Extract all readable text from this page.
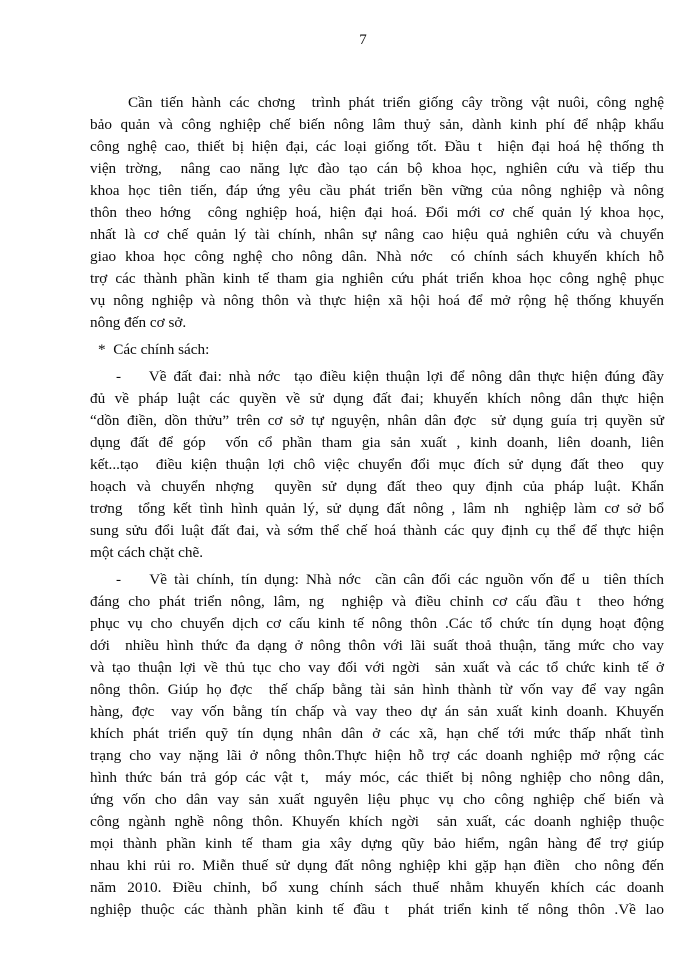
7
Cần tiến hành các chơng  trình phát triển giống cây trồng vật nuôi, công nghệ
bảo quản và công nghiệp chế biến nông lâm thuỷ sản, dành kinh phí để nhập khẩu
công nghệ cao, thiết bị hiện đại, các loại giống tốt. Đầu t  hiện đại hoá hệ thống th
viện trờng,  nâng cao năng lực đào tạo cán bộ khoa học, nghiên cứu và tiếp thu
khoa học tiên tiến, đáp ứng yêu cầu phát triển bền vững của nông nghiệp và nông
thôn theo hớng  công nghiệp hoá, hiện đại hoá. Đổi mới cơ chế quản lý khoa học,
nhất là cơ chế quản lý tài chính, nhân sự nâng cao hiệu quả nghiên cứu và chuyển
giao khoa học công nghệ cho nông dân. Nhà nớc  có chính sách khuyến khích hỗ
trợ các thành phần kinh tế tham gia nghiên cứu phát triển khoa học công nghệ phục
vụ nông nghiệp và nông thôn và thực hiện xã hội hoá để mở rộng hệ thống khuyến
nông đến cơ sở.
*  Các chính sách:
-    Về đất đai: nhà nớc  tạo điều kiện thuận lợi để nông dân thực hiện đúng đầy
đủ về pháp luật các quyền về sử dụng đất đai; khuyến khích nông dân thực hiện
“dồn điền, dồn thửu” trên cơ sở tự nguyện, nhân dân đợc  sử dụng guía trị quyền sử
dụng đất để góp  vốn cổ phần tham gia sản xuất , kinh doanh, liên doanh, liên
kết...tạo  điều kiện thuận lợi chô việc chuyển đổi mục đích sử dụng đất theo  quy
hoạch và chuyển nhợng  quyền sử dụng đất theo quy định của pháp luật. Khẩn
trơng  tổng kết tình hình quản lý, sử dụng đất nông , lâm nh  nghiệp làm cơ sở bổ
sung sửu đổi luật đất đai, và sớm thể chế hoá thành các quy định cụ thể để thực hiện
một cách chặt chẽ.
-    Về tài chính, tín dụng: Nhà nớc  cần cân đối các nguồn vốn để u  tiên thích
đáng cho phát triển nông, lâm, ng  nghiệp và điều chỉnh cơ cấu đầu t  theo hớng
phục vụ cho chuyển dịch cơ cấu kinh tế nông thôn .Các tổ chức tín dụng hoạt động
dới  nhiều hình thức đa dạng ở nông thôn với lãi suất thoả thuận, tăng mức cho vay
và tạo thuận lợi về thủ tục cho vay đối với ngời  sản xuất và các tổ chức kinh tế ở
nông thôn. Giúp họ đợc  thế chấp bằng tài sản hình thành từ vốn vay để vay ngân
hàng, đợc  vay vốn bằng tín chấp và vay theo dự án sản xuất kinh doanh. Khuyến
khích phát triển quỹ tín dụng nhân dân ở các xã, hạn chế tới mức thấp nhất tình
trạng cho vay nặng lãi ở nông thôn.Thực hiện hỗ trợ các doanh nghiệp mở rộng các
hình thức bán trả góp các vật t,  máy móc, các thiết bị nông nghiệp cho nông dân,
ứng vốn cho dân vay sản xuất nguyên liệu phục vụ cho công nghiệp chế biến và
công ngành nghề nông thôn. Khuyến khích ngời  sản xuất, các doanh nghiệp thuộc
mọi thành phần kinh tế tham gia xây dựng qũy bảo hiểm, ngân hàng để trợ giúp
nhau khi rủi ro. Miễn thuế sử dụng đất nông nghiệp khi gặp hạn điền  cho nông đến
năm 2010. Điều chỉnh, bổ xung chính sách thuế nhằm khuyến khích các doanh
nghiệp thuộc các thành phần kinh tế đầu t  phát triển kinh tế nông thôn .Về lao
